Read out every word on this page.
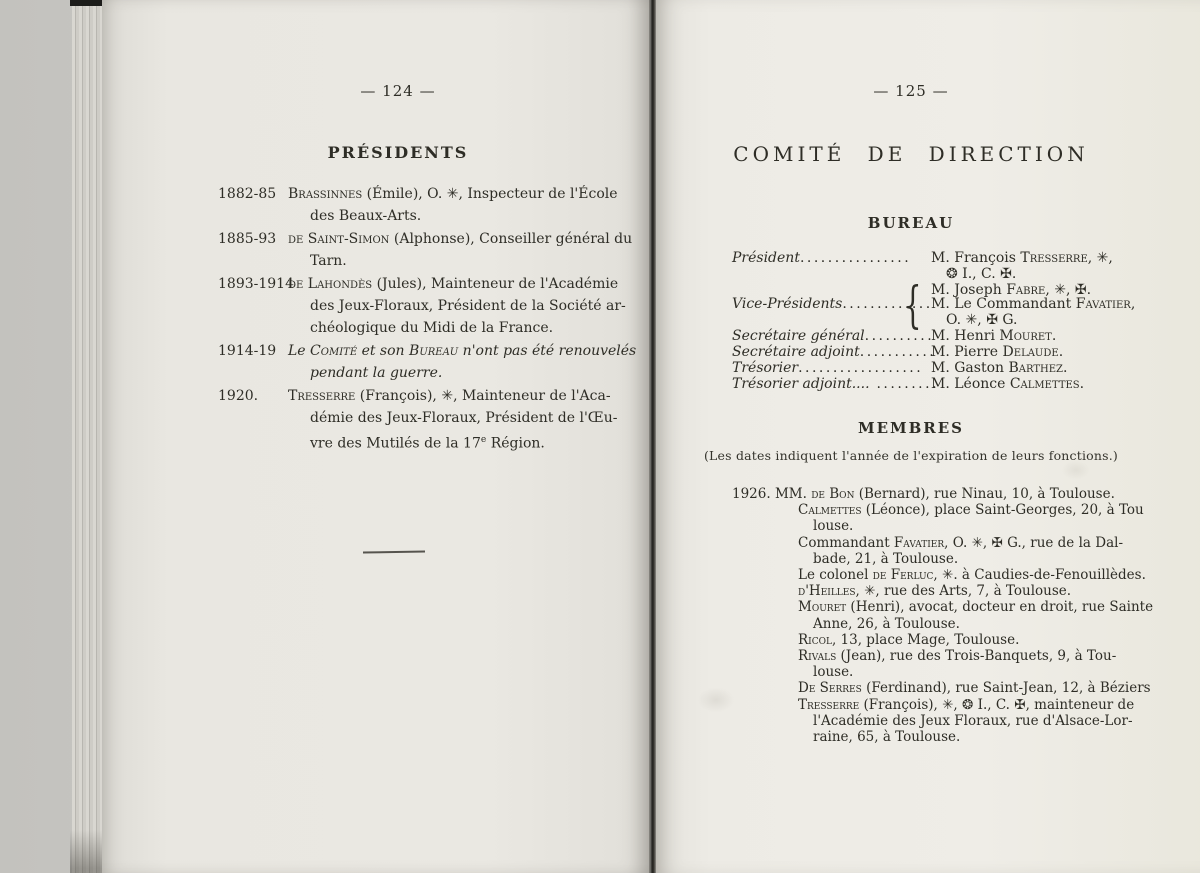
— 124 —
PRÉSIDENTS
1882-85 Brassinnes (Émile), O. ✳, Inspecteur de l'École
des Beaux-Arts.
1885-93 de Saint-Simon (Alphonse), Conseiller général du
Tarn.
1893-1914
de Lahondès (Jules), Mainteneur de l'Académie
des Jeux-Floraux, Président de la Société ar-
chéologique du Midi de la France.
1914-19 Le Comité et son Bureau n'ont pas été renouvelés
pendant la guerre.
1920.	Tresserre (François), ✳, Mainteneur de l'Aca-
démie des Jeux-Floraux, Président de l'Œu-
vre des Mutilés de la 17e Région.
— 125 —
COMITÉ DE DIRECTION
BUREAU
Président................ M. François Tresserre, ✳,
❂ I., C. ✠.
{ M. Joseph Fabre, ✳, ✠.
Vice-Présidents.............
M. Le Commandant Favatier,
O. ✳, ✠ G.
Secrétaire général..........
M. Henri Mouret.
Secrétaire adjoint...........
M. Pierre Delaude.
Trésorier.................. M. Gaston Barthez.
Trésorier adjoint.... .........
M. Léonce Calmettes.
MEMBRES
(Les dates indiquent l'année de l'expiration de leurs fonctions.)
1926. MM. de Bon (Bernard), rue Ninau, 10, à Toulouse.
Calmettes (Léonce), place Saint-Georges, 20, à Tou
louse.
Commandant Favatier, O. ✳, ✠ G., rue de la Dal-
bade, 21, à Toulouse.
Le colonel de Ferluc, ✳. à Caudies-de-Fenouillèdes.
d'Heilles, ✳, rue des Arts, 7, à Toulouse.
Mouret (Henri), avocat, docteur en droit, rue Sainte
Anne, 26, à Toulouse.
Ricol, 13, place Mage, Toulouse.
Rivals (Jean), rue des Trois-Banquets, 9, à Tou-
louse.
De Serres (Ferdinand), rue Saint-Jean, 12, à Béziers
Tresserre (François), ✳, ❂ I., C. ✠, mainteneur de
l'Académie des Jeux Floraux, rue d'Alsace-Lor-
raine, 65, à Toulouse.
